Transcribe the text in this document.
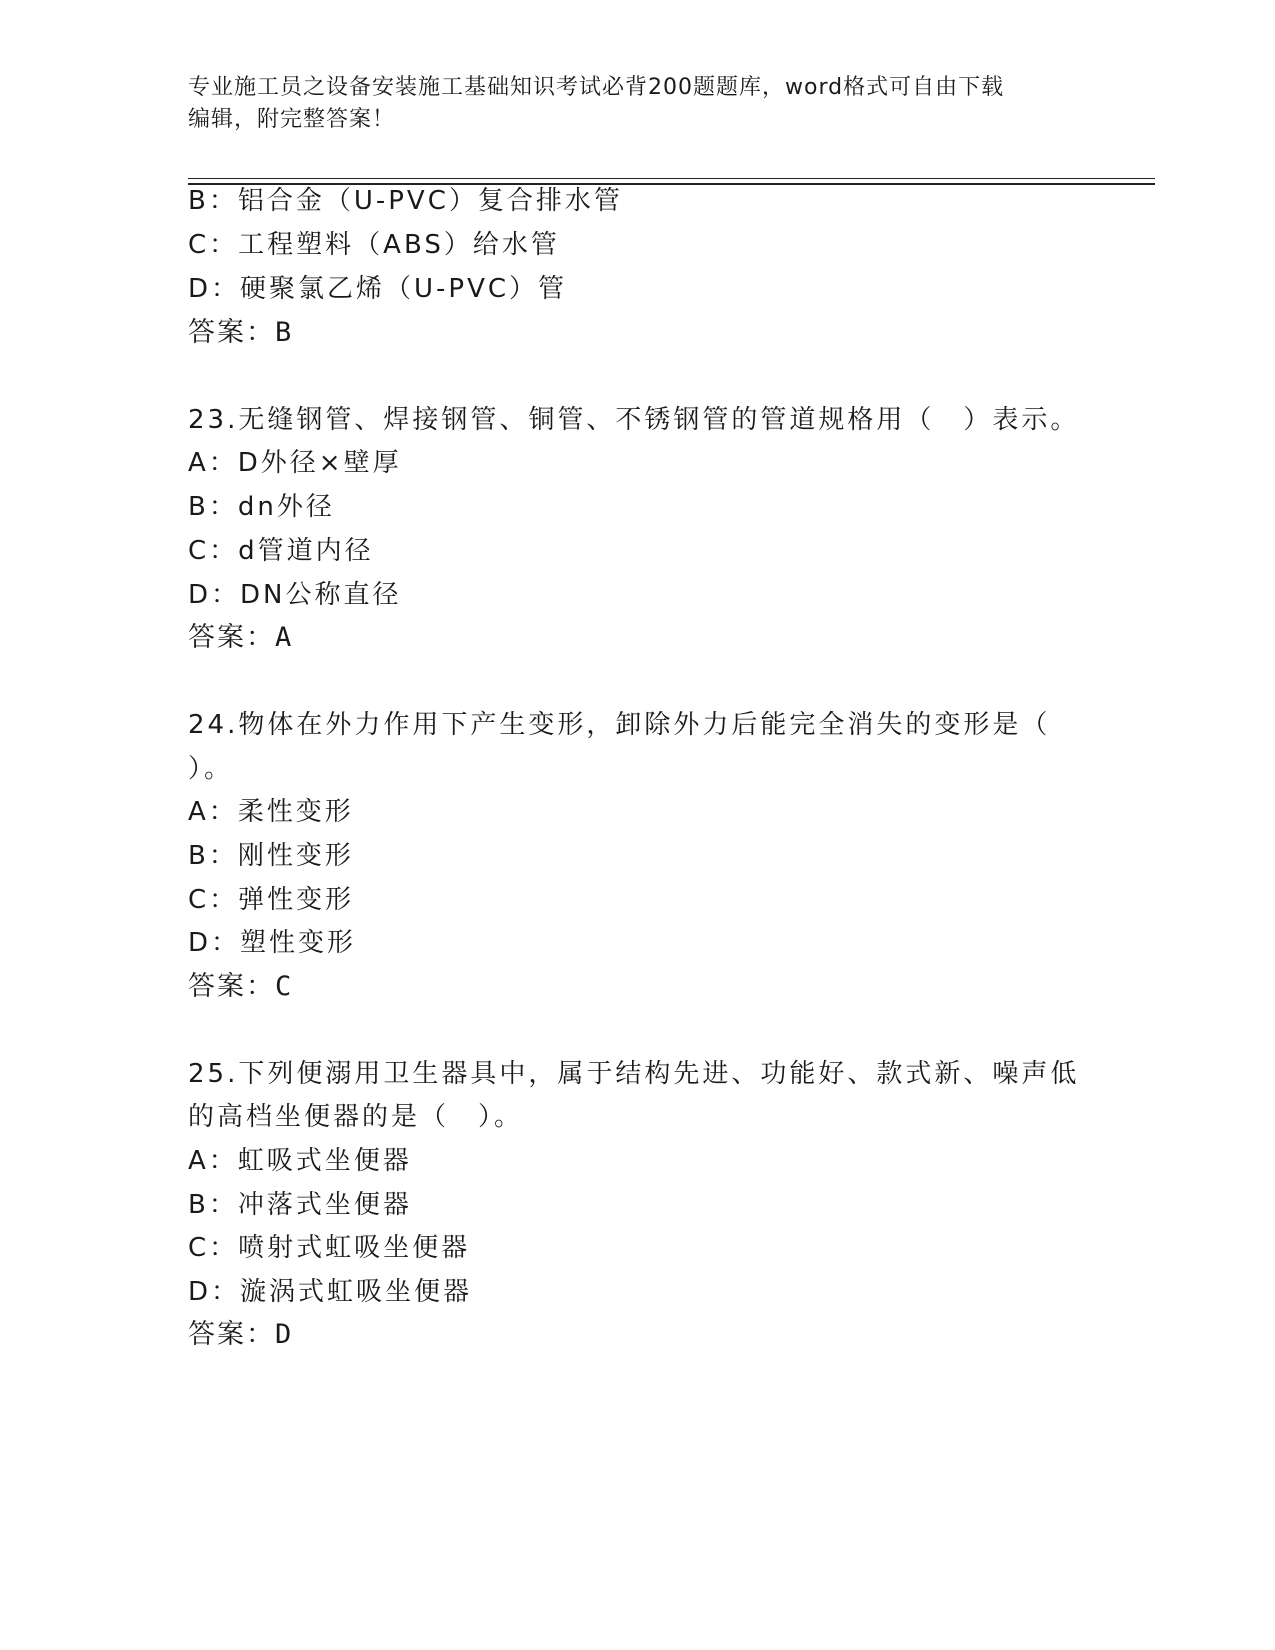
专业施工员之设备安装施工基础知识考试必背200题题库，word格式可自由下载
编辑，附完整答案！
B：铝合金（U-PVC）复合排水管
C：工程塑料（ABS）给水管
D：硬聚氯乙烯（U-PVC）管
答案：B
23.无缝钢管、焊接钢管、铜管、不锈钢管的管道规格用（　）表示。
A：D外径×壁厚
B：dn外径
C：d管道内径
D：DN公称直径
答案：A
24.物体在外力作用下产生变形，卸除外力后能完全消失的变形是（
）。
A：柔性变形
B：刚性变形
C：弹性变形
D：塑性变形
答案：C
25.下列便溺用卫生器具中，属于结构先进、功能好、款式新、噪声低
的高档坐便器的是（　）。
A：虹吸式坐便器
B：冲落式坐便器
C：喷射式虹吸坐便器
D：漩涡式虹吸坐便器
答案：D
